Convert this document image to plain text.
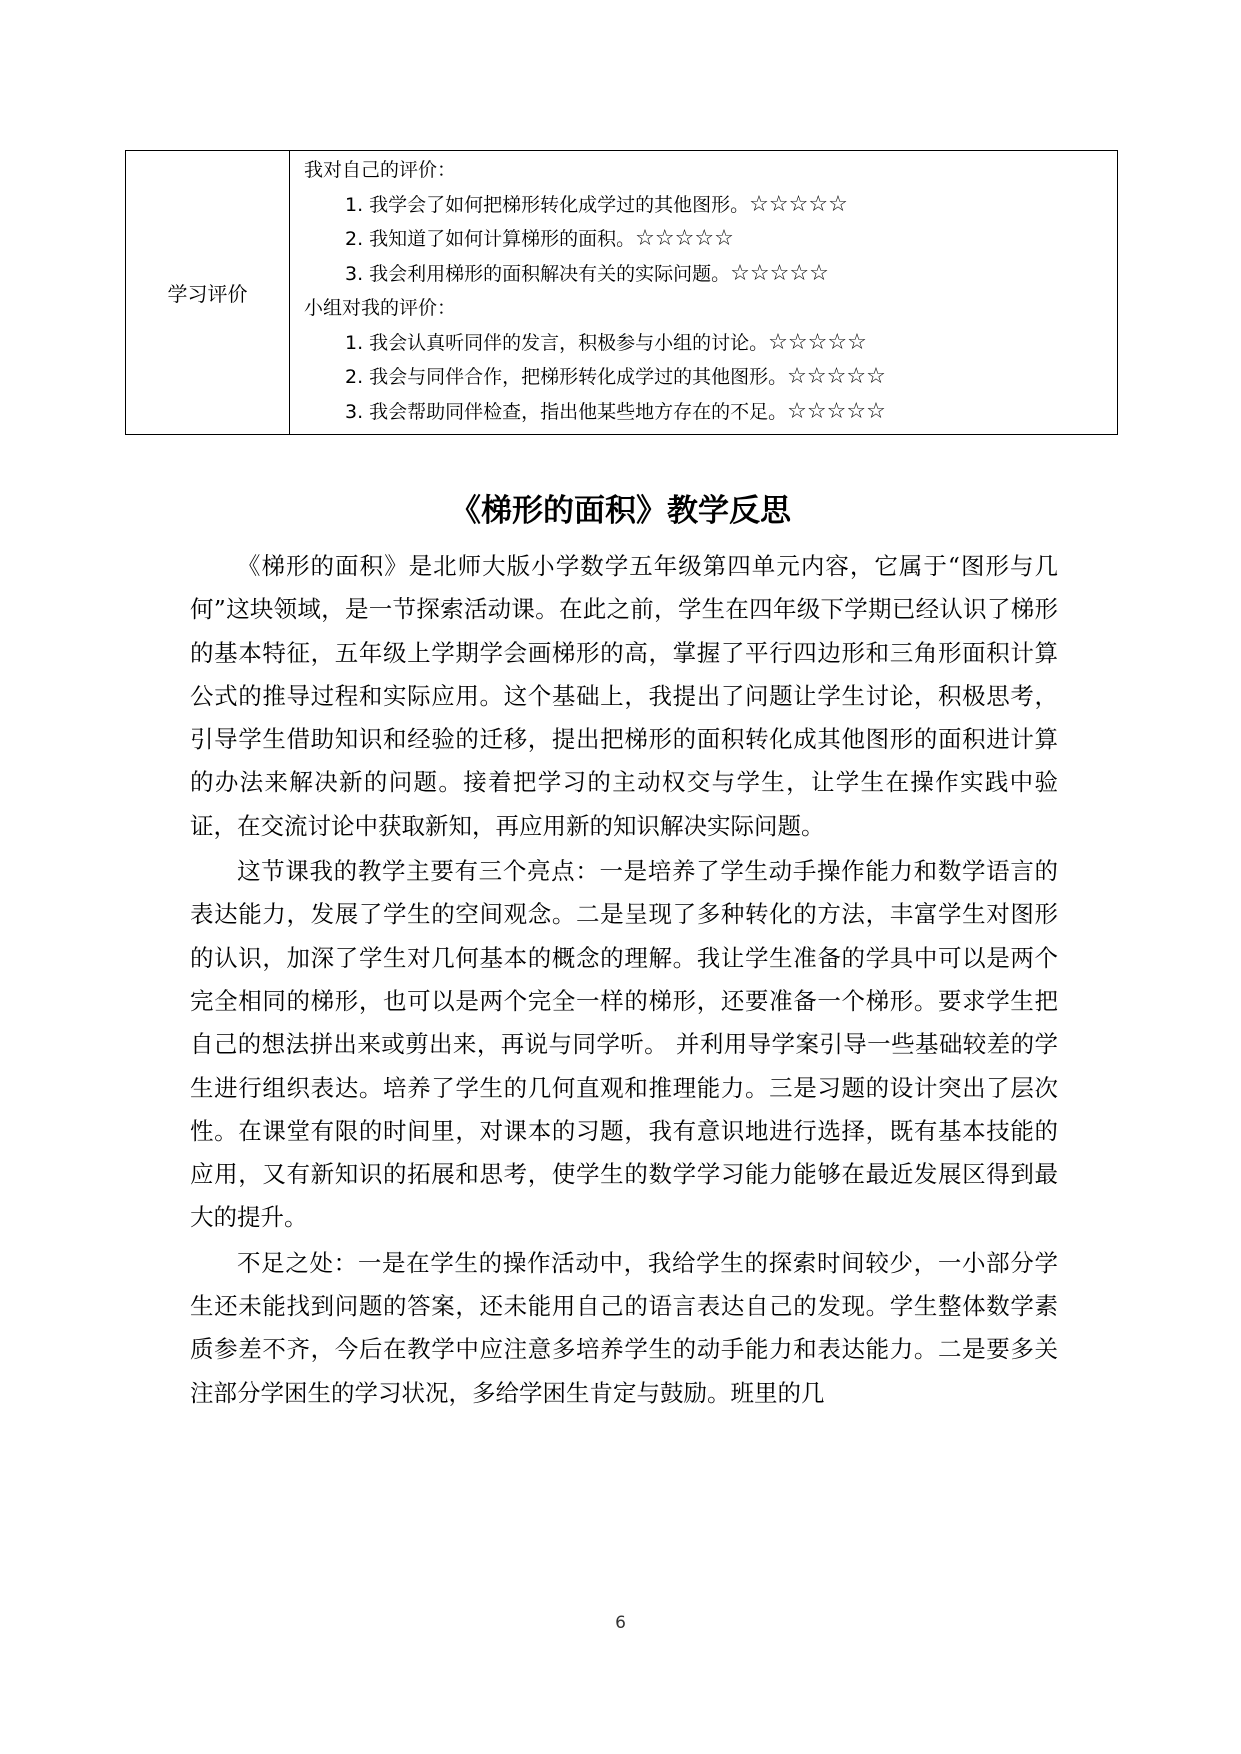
学习评价
我对自己的评价：
1. 我学会了如何把梯形转化成学过的其他图形。☆☆☆☆☆
2. 我知道了如何计算梯形的面积。☆☆☆☆☆
3. 我会利用梯形的面积解决有关的实际问题。☆☆☆☆☆
小组对我的评价：
1. 我会认真听同伴的发言，积极参与小组的讨论。☆☆☆☆☆
2. 我会与同伴合作，把梯形转化成学过的其他图形。☆☆☆☆☆
3. 我会帮助同伴检查，指出他某些地方存在的不足。☆☆☆☆☆
《梯形的面积》教学反思

《梯形的面积》是北师大版小学数学五年级第四单元内容，它属于“图形与几何”这块领域，是一节探索活动课。在此之前，学生在四年级下学期已经认识了梯形的基本特征，五年级上学期学会画梯形的高，掌握了平行四边形和三角形面积计算公式的推导过程和实际应用。这个基础上，我提出了问题让学生讨论，积极思考，引导学生借助知识和经验的迁移，提出把梯形的面积转化成其他图形的面积进计算的办法来解决新的问题。接着把学习的主动权交与学生，让学生在操作实践中验证，在交流讨论中获取新知，再应用新的知识解决实际问题。

这节课我的教学主要有三个亮点：一是培养了学生动手操作能力和数学语言的表达能力，发展了学生的空间观念。二是呈现了多种转化的方法，丰富学生对图形的认识，加深了学生对几何基本的概念的理解。我让学生准备的学具中可以是两个完全相同的梯形，也可以是两个完全一样的梯形，还要准备一个梯形。要求学生把自己的想法拼出来或剪出来，再说与同学听。 并利用导学案引导一些基础较差的学生进行组织表达。培养了学生的几何直观和推理能力。三是习题的设计突出了层次性。在课堂有限的时间里，对课本的习题，我有意识地进行选择，既有基本技能的应用，又有新知识的拓展和思考，使学生的数学学习能力能够在最近发展区得到最大的提升。

不足之处：一是在学生的操作活动中，我给学生的探索时间较少，一小部分学生还未能找到问题的答案，还未能用自己的语言表达自己的发现。学生整体数学素质参差不齐，今后在教学中应注意多培养学生的动手能力和表达能力。二是要多关注部分学困生的学习状况，多给学困生肯定与鼓励。班里的几

6
